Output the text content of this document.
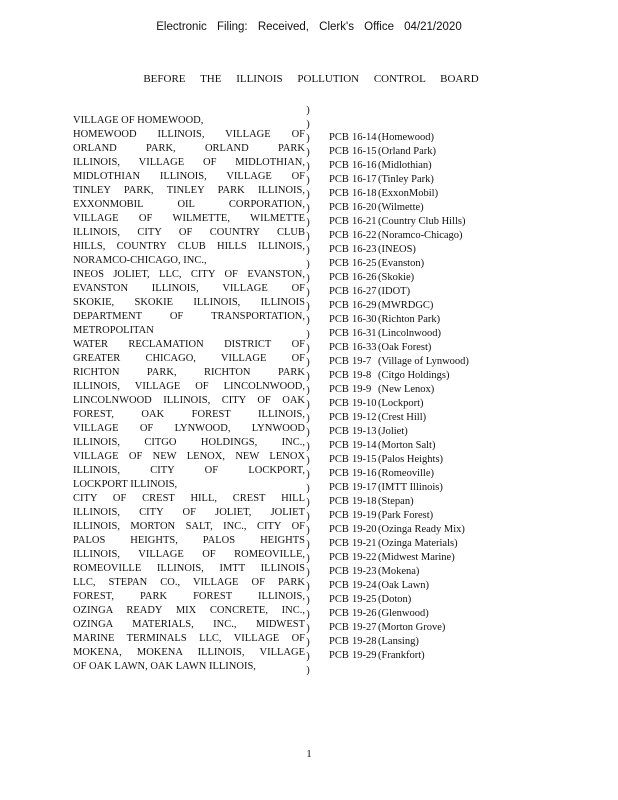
Electronic Filing: Received, Clerk's Office 04/21/2020
BEFORE THE ILLINOIS POLLUTION CONTROL BOARD
VILLAGE OF HOMEWOOD,
HOMEWOOD ILLINOIS, VILLAGE OF
ORLAND PARK, ORLAND PARK
ILLINOIS, VILLAGE OF MIDLOTHIAN,
MIDLOTHIAN ILLINOIS, VILLAGE OF
TINLEY PARK, TINLEY PARK ILLINOIS,
EXXONMOBIL OIL CORPORATION,
VILLAGE OF WILMETTE, WILMETTE
ILLINOIS, CITY OF COUNTRY CLUB
HILLS, COUNTRY CLUB HILLS ILLINOIS,
NORAMCO-CHICAGO, INC.,
INEOS JOLIET, LLC, CITY OF EVANSTON,
EVANSTON ILLINOIS, VILLAGE OF
SKOKIE, SKOKIE ILLINOIS, ILLINOIS
DEPARTMENT OF TRANSPORTATION,
METROPOLITAN
WATER RECLAMATION DISTRICT OF
GREATER CHICAGO, VILLAGE OF
RICHTON PARK, RICHTON PARK
ILLINOIS, VILLAGE OF LINCOLNWOOD,
LINCOLNWOOD ILLINOIS, CITY OF OAK
FOREST, OAK FOREST ILLINOIS,
VILLAGE OF LYNWOOD, LYNWOOD
ILLINOIS, CITGO HOLDINGS, INC.,
VILLAGE OF NEW LENOX, NEW LENOX
ILLINOIS, CITY OF LOCKPORT,
LOCKPORT ILLINOIS,
CITY OF CREST HILL, CREST HILL
ILLINOIS, CITY OF JOLIET, JOLIET
ILLINOIS, MORTON SALT, INC., CITY OF
PALOS HEIGHTS, PALOS HEIGHTS
ILLINOIS, VILLAGE OF ROMEOVILLE,
ROMEOVILLE ILLINOIS, IMTT ILLINOIS
LLC, STEPAN CO., VILLAGE OF PARK
FOREST, PARK FOREST ILLINOIS,
OZINGA READY MIX CONCRETE, INC.,
OZINGA MATERIALS, INC., MIDWEST
MARINE TERMINALS LLC, VILLAGE OF
MOKENA, MOKENA ILLINOIS, VILLAGE
OF OAK LAWN, OAK LAWN ILLINOIS,
)
)
)
)
)
)
)
)
)
)
)
)
)
)
)
)
)
)
)
)
)
)
)
)
)
)
)
)
)
)
)
)
)
)
)
)
)
)
)
)
)
PCB 16-14 (Homewood)
PCB 16-15 (Orland Park)
PCB 16-16 (Midlothian)
PCB 16-17 (Tinley Park)
PCB 16-18 (ExxonMobil)
PCB 16-20 (Wilmette)
PCB 16-21 (Country Club Hills)
PCB 16-22 (Noramco-Chicago)
PCB 16-23 (INEOS)
PCB 16-25 (Evanston)
PCB 16-26 (Skokie)
PCB 16-27 (IDOT)
PCB 16-29 (MWRDGC)
PCB 16-30 (Richton Park)
PCB 16-31 (Lincolnwood)
PCB 16-33 (Oak Forest)
PCB 19-7 (Village of Lynwood)
PCB 19-8 (Citgo Holdings)
PCB 19-9 (New Lenox)
PCB 19-10 (Lockport)
PCB 19-12 (Crest Hill)
PCB 19-13 (Joliet)
PCB 19-14 (Morton Salt)
PCB 19-15 (Palos Heights)
PCB 19-16 (Romeoville)
PCB 19-17 (IMTT Illinois)
PCB 19-18 (Stepan)
PCB 19-19 (Park Forest)
PCB 19-20 (Ozinga Ready Mix)
PCB 19-21 (Ozinga Materials)
PCB 19-22 (Midwest Marine)
PCB 19-23 (Mokena)
PCB 19-24 (Oak Lawn)
PCB 19-25 (Doton)
PCB 19-26 (Glenwood)
PCB 19-27 (Morton Grove)
PCB 19-28 (Lansing)
PCB 19-29 (Frankfort)
1
